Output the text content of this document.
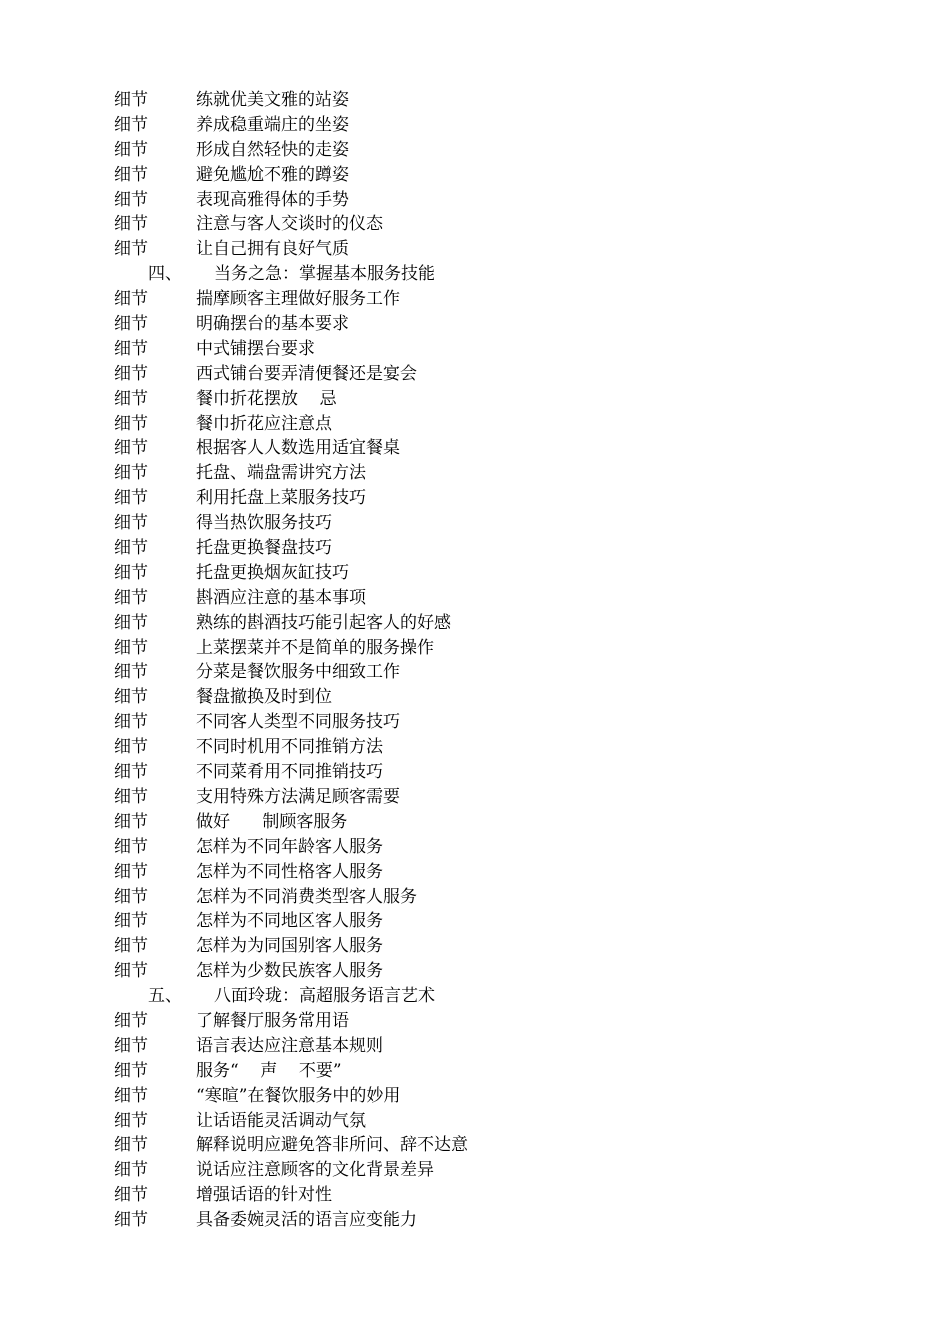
细节	练就优美文雅的站姿
细节	养成稳重端庄的坐姿
细节	形成自然轻快的走姿
细节	避免尴尬不雅的蹲姿
细节	表现高雅得体的手势
细节	注意与客人交谈时的仪态
细节	让自己拥有良好气质
四、 当务之急：掌握基本服务技能
细节	揣摩顾客主理做好服务工作
细节	明确摆台的基本要求
细节	中式铺摆台要求
细节	西式铺台要弄清便餐还是宴会
细节	餐巾折花摆放    忌
细节	餐巾折花应注意点
细节	根据客人人数选用适宜餐桌
细节	托盘、端盘需讲究方法
细节	利用托盘上菜服务技巧
细节	得当热饮服务技巧
细节	托盘更换餐盘技巧
细节	托盘更换烟灰缸技巧
细节	斟酒应注意的基本事项
细节	熟练的斟酒技巧能引起客人的好感
细节	上菜摆菜并不是简单的服务操作
细节	分菜是餐饮服务中细致工作
细节	餐盘撤换及时到位
细节	不同客人类型不同服务技巧
细节	不同时机用不同推销方法
细节	不同菜肴用不同推销技巧
细节	支用特殊方法满足顾客需要
细节	做好      制顾客服务
细节	怎样为不同年龄客人服务
细节	怎样为不同性格客人服务
细节	怎样为不同消费类型客人服务
细节	怎样为不同地区客人服务
细节	怎样为为同国别客人服务
细节	怎样为少数民族客人服务
五、 八面玲珑：高超服务语言艺术
细节	了解餐厅服务常用语
细节	语言表达应注意基本规则
细节	服务“    声    不要”
细节	“寒暄”在餐饮服务中的妙用
细节	让话语能灵活调动气氛
细节	解释说明应避免答非所问、辞不达意
细节	说话应注意顾客的文化背景差异
细节	增强话语的针对性
细节	具备委婉灵活的语言应变能力
